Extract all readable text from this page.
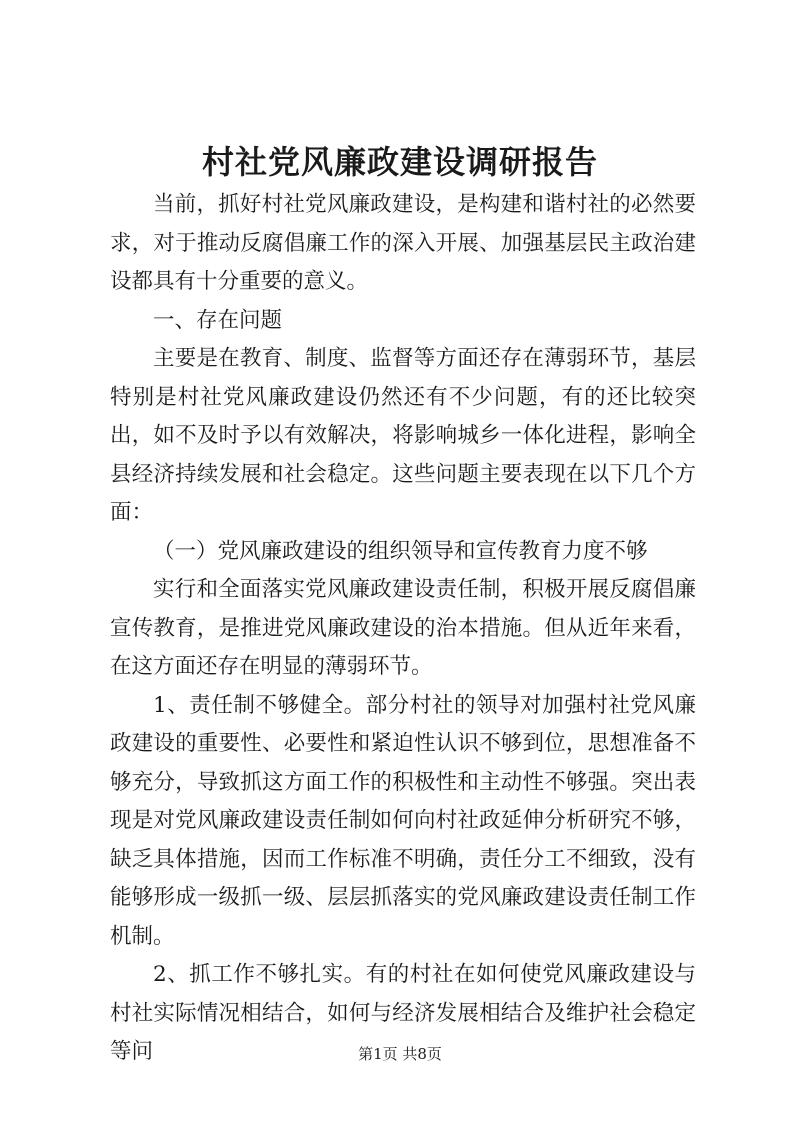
村社党风廉政建设调研报告

当前，抓好村社党风廉政建设，是构建和谐村社的必然要求，对于推动反腐倡廉工作的深入开展、加强基层民主政治建设都具有十分重要的意义。

一、存在问题

主要是在教育、制度、监督等方面还存在薄弱环节，基层特别是村社党风廉政建设仍然还有不少问题，有的还比较突出，如不及时予以有效解决，将影响城乡一体化进程，影响全县经济持续发展和社会稳定。这些问题主要表现在以下几个方面：

（一）党风廉政建设的组织领导和宣传教育力度不够

实行和全面落实党风廉政建设责任制，积极开展反腐倡廉宣传教育，是推进党风廉政建设的治本措施。但从近年来看，在这方面还存在明显的薄弱环节。

1、责任制不够健全。部分村社的领导对加强村社党风廉政建设的重要性、必要性和紧迫性认识不够到位，思想准备不够充分，导致抓这方面工作的积极性和主动性不够强。突出表现是对党风廉政建设责任制如何向村社政延伸分析研究不够，缺乏具体措施，因而工作标准不明确，责任分工不细致，没有能够形成一级抓一级、层层抓落实的党风廉政建设责任制工作机制。

2、抓工作不够扎实。有的村社在如何使党风廉政建设与村社实际情况相结合，如何与经济发展相结合及维护社会稳定等问	第1页 共8页
